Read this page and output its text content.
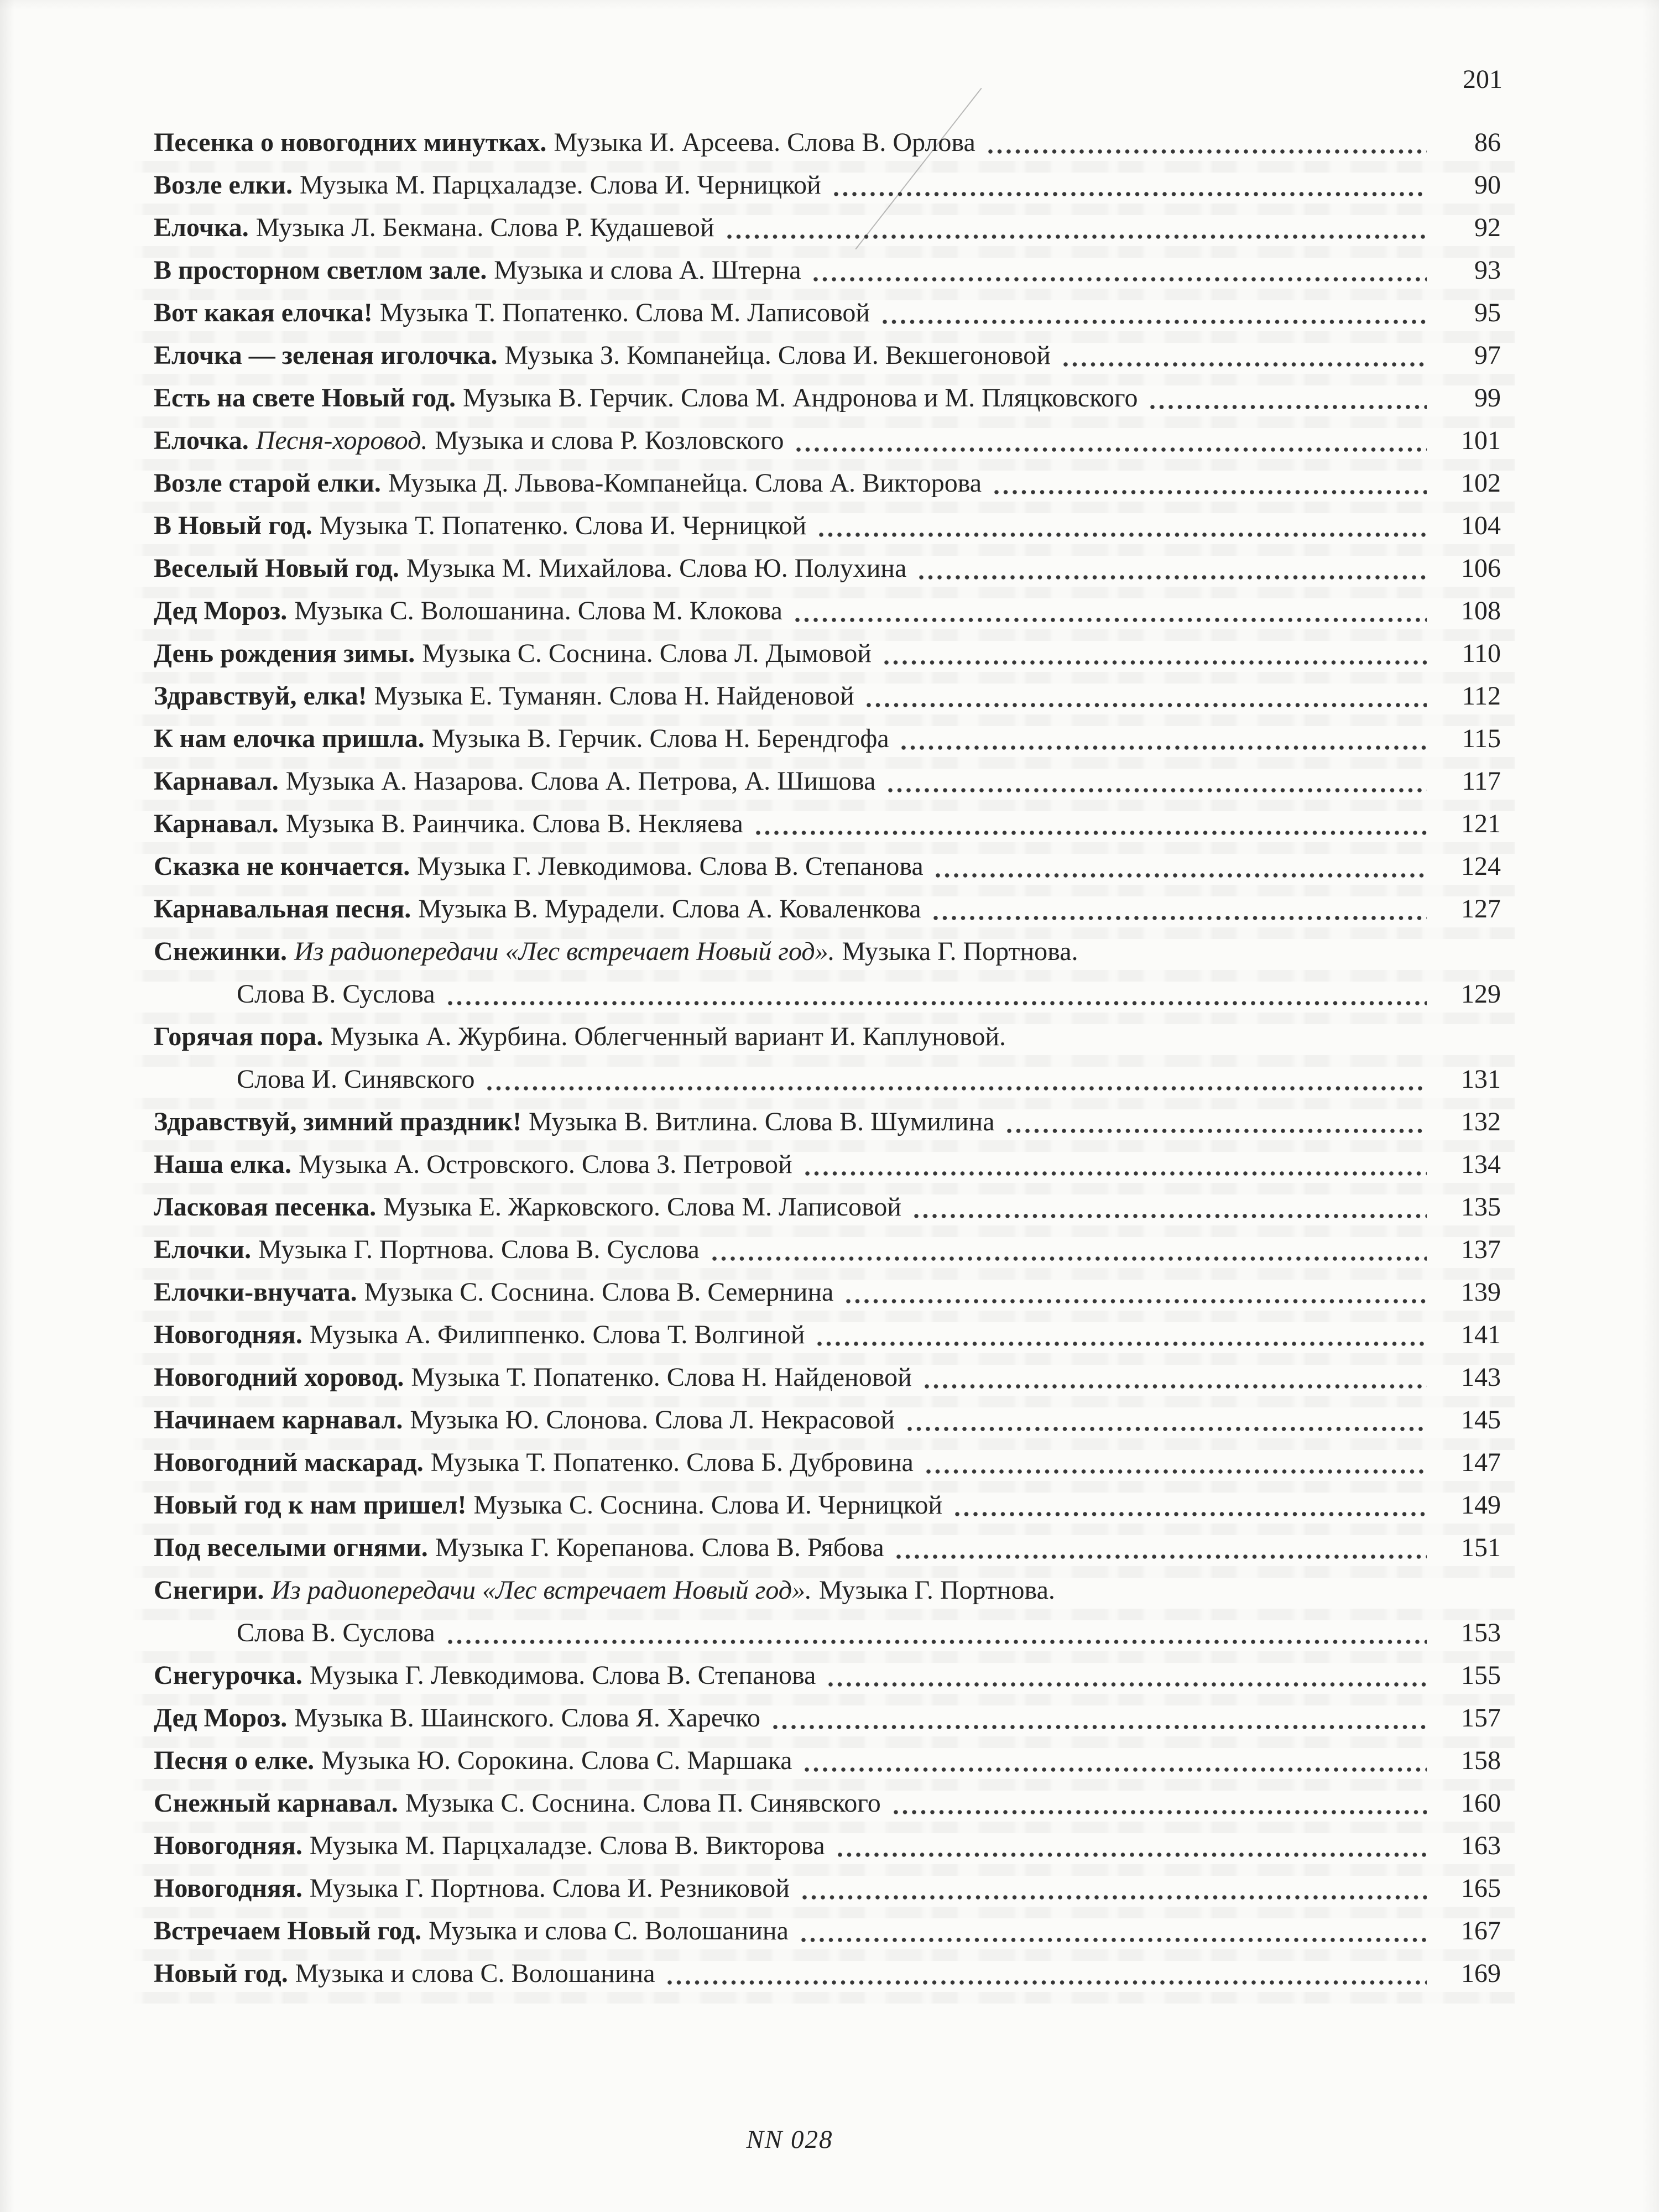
201
Песенка о новогодних минутках. Музыка И. Арсеева. Слова В. Орлова	86
Возле елки. Музыка М. Парцхаладзе. Слова И. Черницкой	90
Елочка. Музыка Л. Бекмана. Слова Р. Кудашевой	92
В просторном светлом зале. Музыка и слова А. Штерна	93
Вот какая елочка! Музыка Т. Попатенко. Слова М. Лаписовой	95
Елочка — зеленая иголочка. Музыка З. Компанейца. Слова И. Векшегоновой	97
Есть на свете Новый год. Музыка В. Герчик. Слова М. Андронова и М. Пляцковского	99
Елочка. Песня-хоровод. Музыка и слова Р. Козловского	101
Возле старой елки. Музыка Д. Львова-Компанейца. Слова А. Викторова	102
В Новый год. Музыка Т. Попатенко. Слова И. Черницкой	104
Веселый Новый год. Музыка М. Михайлова. Слова Ю. Полухина	106
Дед Мороз. Музыка С. Волошанина. Слова М. Клокова	108
День рождения зимы. Музыка С. Соснина. Слова Л. Дымовой	110
Здравствуй, елка! Музыка Е. Туманян. Слова Н. Найденовой	112
К нам елочка пришла. Музыка В. Герчик. Слова Н. Берендгофа	115
Карнавал. Музыка А. Назарова. Слова А. Петрова, А. Шишова	117
Карнавал. Музыка В. Раинчика. Слова В. Некляева	121
Сказка не кончается. Музыка Г. Левкодимова. Слова В. Степанова	124
Карнавальная песня. Музыка В. Мурадели. Слова А. Коваленкова	127
Снежинки. Из радиопередачи «Лес встречает Новый год». Музыка Г. Портнова.
Слова В. Суслова	129
Горячая пора. Музыка А. Журбина. Облегченный вариант И. Каплуновой.
Слова И. Синявского	131
Здравствуй, зимний праздник! Музыка В. Витлина. Слова В. Шумилина	132
Наша елка. Музыка А. Островского. Слова З. Петровой	134
Ласковая песенка. Музыка Е. Жарковского. Слова М. Лаписовой	135
Елочки. Музыка Г. Портнова. Слова В. Суслова	137
Елочки-внучата. Музыка С. Соснина. Слова В. Семернина	139
Новогодняя. Музыка А. Филиппенко. Слова Т. Волгиной	141
Новогодний хоровод. Музыка Т. Попатенко. Слова Н. Найденовой	143
Начинаем карнавал. Музыка Ю. Слонова. Слова Л. Некрасовой	145
Новогодний маскарад. Музыка Т. Попатенко. Слова Б. Дубровина	147
Новый год к нам пришел! Музыка С. Соснина. Слова И. Черницкой	149
Под веселыми огнями. Музыка Г. Корепанова. Слова В. Рябова	151
Снегири. Из радиопередачи «Лес встречает Новый год». Музыка Г. Портнова.
Слова В. Суслова	153
Снегурочка. Музыка Г. Левкодимова. Слова В. Степанова	155
Дед Мороз. Музыка В. Шаинского. Слова Я. Харечко	157
Песня о елке. Музыка Ю. Сорокина. Слова С. Маршака	158
Снежный карнавал. Музыка С. Соснина. Слова П. Синявского	160
Новогодняя. Музыка М. Парцхаладзе. Слова В. Викторова	163
Новогодняя. Музыка Г. Портнова. Слова И. Резниковой	165
Встречаем Новый год. Музыка и слова С. Волошанина	167
Новый год. Музыка и слова С. Волошанина	169
NN 028
